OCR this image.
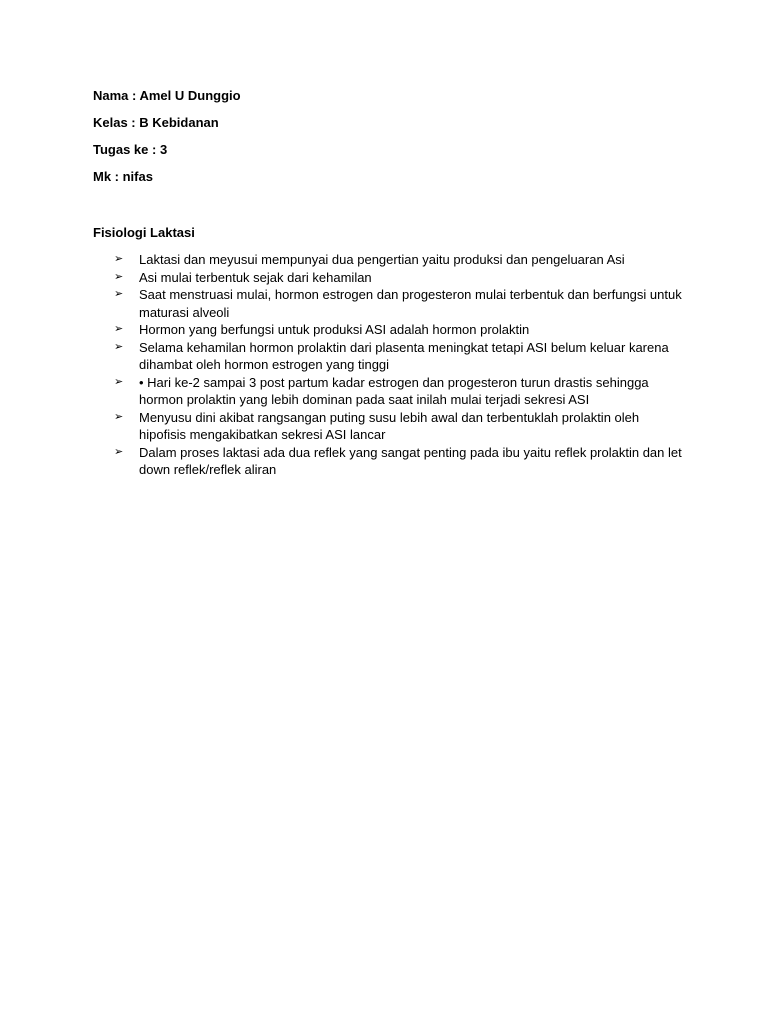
Nama : Amel U Dunggio
Kelas : B Kebidanan
Tugas ke : 3
Mk : nifas
Fisiologi Laktasi
➢	Laktasi dan meyusui mempunyai dua pengertian yaitu produksi dan pengeluaran Asi
➢	Asi mulai terbentuk sejak dari kehamilan
➢	Saat menstruasi mulai, hormon estrogen dan progesteron mulai terbentuk dan berfungsi untuk maturasi alveoli
➢	Hormon yang berfungsi untuk produksi ASI adalah hormon prolaktin
➢	Selama kehamilan hormon prolaktin dari plasenta meningkat tetapi ASI belum keluar karena dihambat oleh hormon estrogen yang tinggi
➢	• Hari ke-2 sampai 3 post partum kadar estrogen dan progesteron turun drastis sehingga hormon prolaktin yang lebih dominan pada saat inilah mulai terjadi sekresi ASI
➢	Menyusu dini akibat rangsangan puting susu lebih awal dan terbentuklah prolaktin oleh hipofisis mengakibatkan sekresi ASI lancar
➢	Dalam proses laktasi ada dua reflek yang sangat penting pada ibu yaitu reflek prolaktin dan let down reflek/reflek aliran
